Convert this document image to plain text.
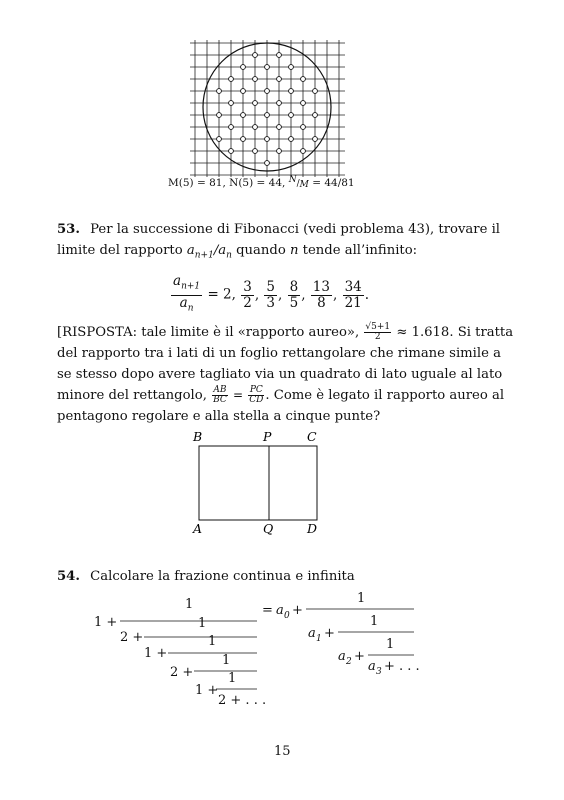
M(5) = 81, N(5) = 44, N/M = 44/81
53. Per la successione di Fibonacci (vedi problema 43), trovare il
limite del rapporto $a_{n+1}/a_n$ quando n tende all’infinito:
$\frac{a_{n+1}}{a_n} = 2$, $\frac{3}{2}$ , $\frac{5}{3}$ , $\frac{8}{5}$ , $\frac{13}{8}$ , $\frac{34}{21}$ .
[RISPOSTA: tale limite è il «rapporto aureo», $\frac{√5+1}{2} \approx 1.618$. Si tratta
del rapporto tra i lati di un foglio rettangolare che rimane simile a
se stesso dopo avere tagliato via un quadrato di lato uguale al lato
minore del rettangolo, $\frac{AB}{BC} = \frac{PC}{CD}$ . Come è legato il rapporto aureo al
pentagono regolare e alla stella a cinque punte?
B	P	C
A	Q	D
54. Calcolare la frazione continua e infinita
1 +
1
2 +
1
1 +
1
2 +
1
1 +
1
2 + . . .
= a 0 +
1
a 1 +
1
a 2 +
1
a 3 + . . .
15
